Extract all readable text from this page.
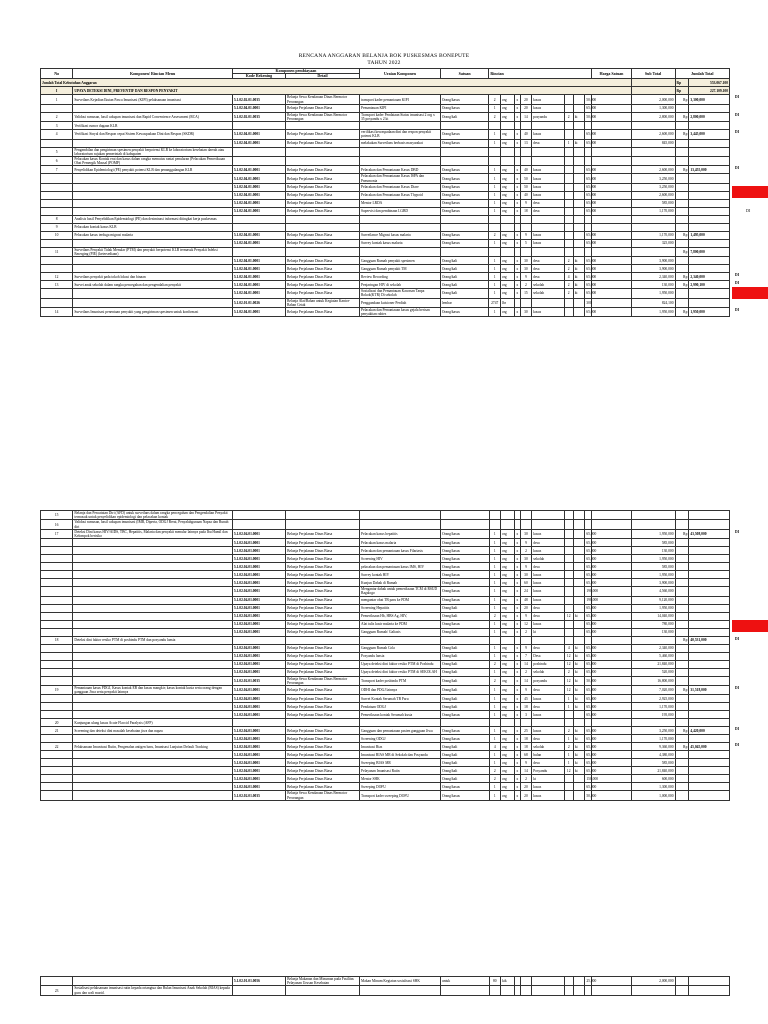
RENCANA ANGGARAN BELANJA BOK PUSKESMAS BONEPUTE
TAHUN 2022
No	Komponen/ Rincian Menu	Komponen pembiayaan		Uraian Komponen	Satuan	Rincian								Harga Satuan	Sub Total	Jumlah Total	
		Kode Rekening	Detail														
Jumlah Total Kebutuhan Anggaran																Rp	553.067.100
I	UPAYA DETEKSI DINI, PREVENTIF DAN RESPON PENYAKIT															Rp	227.109.100
1	Surveilans Kejadian Ikutan Pasca Imunisasi (KIPI) pelaksanaan imunisasi	5.1.02.02.01.0035	Belanja Sewa Kendaraan Dinas Bermotor Perorangan	transport kader pemantauan KIPI	Orang/kasus	2	org	x	20	kasus			50,000		2,000,000	Rp	3,300,000
DI

		5.1.02.04.01.0001	Belanja Perjalanan Dinas Biasa	Pemantauan KIPI	Orang/kasus	1	org	x	20	kasus			65,000		1,300,000		
2	Validasi rumusan, hasil cakupan imunisasi dan Rapid Convenience Assessment (RCA)	5.1.02.02.01.0035	Belanja Sewa Kendaraan Dinas Bermotor Perorangan	Transport kader Pendataan Status imunisasi 2 org x 35 posyandu x 2 kt	Orang/kali	2	org	x	14	posyandu	2	kt	50,000		2,800,000	Rp	2,800,000
DI

3	Verifikasi rumor dugaan KLB																
4	Verifikasi Sinyal dan Respon cepat Sistem Kewaspadaan Dini dan Respon (SKDR)	5.1.02.04.01.0001	Belanja Perjalanan Dinas Biasa	verifikasi kewaspadaan dini dan respon penyakit potensi KLB	Orang/kasus	1	org	x	40	kasus			65,000		2,600,000	Rp	3,445,000
DI

		5.1.02.04.01.0001	Belanja Perjalanan Dinas Biasa	melakukan Surveilans berbasis masyarakat	Orang/kasus	1	org	x	13	desa	1	kt	65,000		845,000		
5	Pengambilan dan pengiriman spesimen penyakit berpotensi KLB ke laboratorium kesehatan daerah atau laboratorium rujukan pemerintah di kabupaten																
6	Pelacakan kasus Kontak erat dan kasus dalam rangka memutus rantai penularan (Pelacakan Pemeriksaan Obat Pemergik Massal (POMP)																
7	Penyelidikan Epidemiologi (PE) penyakit potensi KLB dan penanggulangan KLB	5.1.02.04.01.0001	Belanja Perjalanan Dinas Biasa	Pelacakan dan Pemantauan Kasus DBD	Orang/kasus	1	org	x	40	kasus			65,000		2,600,000	Rp	13,455,000 DI

		5.1.02.04.01.0001	Belanja Perjalanan Dinas Biasa	Pelacakan dan Pemantauan Kasus ISPA dan Pneumonia	Orang/kasus	1	org	x	50	kasus			65,000		3,250,000		
		5.1.02.04.01.0001	Belanja Perjalanan Dinas Biasa	Pelacakan dan Pemantauan Kasus Diare	Orang/kasus	1	org	x	50	kasus			65,000		3,250,000		
		5.1.02.04.01.0001	Belanja Perjalanan Dinas Biasa	Pelacakan dan Pemantauan Kasus Thypoid	Orang/kasus	1	org	x	40	kasus			65,000		2,600,000		
		5.1.02.04.01.0001	Belanja Perjalanan Dinas Biasa	Mentor LRDA	Orang/kasus	1	org	x	9	desa			65,000		585,000		
		5.1.02.04.01.0001	Belanja Perjalanan Dinas Biasa	Supervisi dan pembinaan LGBD	Orang/kasus	1	org	x	18	desa			65,000		1,170,000		
8	Analisis hasil Penyelidikan Epidemiologi (PE) dan desiminasi informasi ditingkat kerja puskesmas																
9	Pelacakan kontak kasus KLB																
10	Pelacakan kasus terduga migrasi malaria	5.1.02.04.01.0001	Belanja Perjalanan Dinas Biasa	Surveilance Migrasi kasus malaria	Orang/kasus	2	org	x	9	kasus			65,000		1,170,000	Rp	1,495,000
		5.1.02.04.01.0001	Belanja Perjalanan Dinas Biasa	Survey kontak kasus malaria	Orang/kasus	1	org	x	5	kasus			65,000		325,000		
11	Surveilans Penyakit Tidak Menular (PTM) dan penyakit berpotensi KLB termasuk Penyakit Infeksi Emerging (PIE) (ketersediaan)															Rp	7,800,000
		5.1.02.04.01.0001	Belanja Perjalanan Dinas Biasa	Gangguan Rumah penyakit spesimen	Orang/kali	1	org	x	30	desa	2	kt	65,000		3,900,000		
		5.1.02.04.01.0001	Belanja Perjalanan Dinas Biasa	Gangguan Rumah penyakit TM	Orang/kali	1	org	x	30	desa	2	kt	65,000		3,900,000		
12	Surveilans penyakit pada tokoh lokasi dan binaan	5.1.02.04.01.0001	Belanja Perjalanan Dinas Biasa	Review Recording	Orang/kali	1	org	x	9	desa	4	kt	65,000		2,340,000	Rp	2,340,000 DI

13	Survei anak sekolah dalam rangka pencegahan dan pengendalian penyakit	5.1.02.04.01.0001	Belanja Perjalanan Dinas Biasa	Penjaringan HIV di sekolah	Orang/kali	1	org	x	2	sekolah	2	kt	65,000		130,000	Rp	2,990,100 DI

		5.1.02.04.01.0001	Belanja Perjalanan Dinas Biasa	Sosialisasi dan Pemantauan Kawasan Tanpa Rokok(KTR) Di sekolah	Orang/kali	1	org	x	15	sekolah	2	kt	65,000		1,950,000		
		5.1.02.01.01.0026	Belanja Alat/Bahan untuk Kegiatan Kantor- Bahan Cetak	Penggandaan kuisioner Perdiah	lembar	2747	lbr						300		824,100		
14	Surveilans Imunisasi penentuan penyakit yang pengiriman spesimen untuk konfirmasi	5.1.02.04.01.0001	Belanja Perjalanan Dinas Biasa	Pelacakan dan Pemantauan kasus gejala berisan penyakitan rabies	Orang/kasus	1	org	x	30	kasus			65,000		1,950,000	Rp	1,950,000
DI
15	Belanja dan Pencatatan Diri (AFD) untuk surveilans dalam rangka pencegahan dan Pengendalian Penyakit termasuk untuk penyelidikan epidemiologi dan pelacakan kontak																
16	Validasi rumusan, hasil cakupan imunisasi (IMR, Diperta, ODGJ Berat, Penyalahgunaan Napza dan Bunuh diri																
17	Deteksi Dini kasus HIV/AIDS, TBC, Hepatitis, Malaria dan penyakit menular lainnya pada Ibu Hamil dan Kelompok berisiko	5.1.02.04.01.0001	Belanja Perjalanan Dinas Biasa	Pelacakan kasus hepatitis	Orang/kasus	1	org	x	30	kasus			65,000		1,950,000	Rp	43,508,000
DI

		5.1.02.04.01.0001	Belanja Perjalanan Dinas Biasa	Pelacakan kasus malaria	Orang/kasus	1	org	x	9	desa			65,000		585,000		
		5.1.02.04.01.0001	Belanja Perjalanan Dinas Biasa	Pelacakan dan pemantauan kasus Filariasis	Orang/kasus	1	org	x	2	kasus			65,000		130,000		
		5.1.02.04.01.0001	Belanja Perjalanan Dinas Biasa	Screening HIV	Orang/kasus	1	org	x	30	sekolah			65,000		1,950,000		
		5.1.02.04.01.0001	Belanja Perjalanan Dinas Biasa	pelacakan dan pemantauan kasus IMS, HIV	Orang/kasus	1	org	x	9	desa			65,000		585,000		
		5.1.02.04.01.0001	Belanja Perjalanan Dinas Biasa	Survey kontak HIV	Orang/kasus	1	org	x	30	kasus			65,000		1,950,000		
		5.1.02.04.01.0001	Belanja Perjalanan Dinas Biasa	Kunjun Dahak di Rumah	Orang/kasus	1	org	x	60	kasus			65,000		3,900,000		
		5.1.02.04.01.0001	Belanja Perjalanan Dinas Biasa	Mengantar dahak untuk pemeriksaan TCM di RSUD Bagalogo	Orang/kasus	1	org	x	24	kasus			190,000		4,560,000		
		5.1.02.04.01.0001	Belanja Perjalanan Dinas Biasa	mengantar obat TB paru ke PDM	Orang/kasus	1	org	x	48	kasus			190,000		9,120,000		
		5.1.02.04.01.0001	Belanja Perjalanan Dinas Biasa	Screening Hepatitis	Orang/kali	1	org	x	20	desa			65,000		1,950,000		
		5.1.02.04.01.0001	Belanja Perjalanan Dinas Biasa	Pemeriksaan Hb, HBS Ag, HIV,	Orang/kali	2	org	x	9	desa	12	kt	65,000		14,040,000		
		5.1.02.04.01.0001	Belanja Perjalanan Dinas Biasa	Alat tulis kasir malaria ke PDM	Orang/kasus	1	org	x	12	kasus			65,000		780,000		
		5.1.02.04.01.0001	Belanja Perjalanan Dinas Biasa	Gangguan Rumah/ Galiasis	Orang/kali	1	org	x	2	kt			65,000		130,000		
18	Deteksi dini faktor resiko PTM di posbindu PTM dan posyandu lansia															Rp	40,531,000 DI

		5.1.02.04.01.0001	Belanja Perjalanan Dinas Biasa	Gangguan Rumah Cola	Orang/kali	1	org	x	9	desa	4	kt	65,000		2,340,000		
		5.1.02.04.01.0001	Belanja Perjalanan Dinas Biasa	Posyandu lansia	Orang/kali	1	org	x	7	Desa	12	kt	65,000		5,460,000		
		5.1.02.04.01.0001	Belanja Perjalanan Dinas Biasa	Upaya deteksi dini faktor resiko PTM di Posbindu	Orang/kali	2	org	x	14	posbindu	12	kt	65,000		21,840,000		
		5.1.02.04.01.0001	Belanja Perjalanan Dinas Biasa	Upaya deteksi dini faktor resiko PTM di SEKOLAH	Orang/kali	1	org	x	2	sekolah	2	kt	65,000		520,000		
		5.1.02.02.01.0035	Belanja Sewa Kendaraan Dinas Bermotor Perorangan	Transport kader posbindu PTM	Orang/kali	2	org	x	14	posyandu	12	kt	50,000		16,800,000		
19	Pemantauan kasus PDGJ, Kasus kontak EB dan kasus mangkir; kasus kontak kusta serta orang dengan gangguan Jiwa serta penyakit lainnya	5.1.02.04.01.0001	Belanja Perjalanan Dinas Biasa	ODHI dan PDGJ lainnya	Orang/kali	1	org	x	9	desa	12	kt	65,000		7,020,000	Rp	31,518,000
DI

		5.1.02.04.01.0001	Belanja Perjalanan Dinas Biasa	Survei Kontak Serumah TB Paru	Orang/kali	1	org	x	45	kasus	1	kt	65,000		2,925,000		
		5.1.02.04.01.0001	Belanja Perjalanan Dinas Biasa	Pendataan ODGJ	Orang/kali	1	org	x	18	desa	1	kt	65,000		1,170,000		
		5.1.02.04.01.0001	Belanja Perjalanan Dinas Biasa	Pemeriksaan kontak Serumah kusta	Orang/kasus	1	org	x	3	kasus			65,000		195,000		
20	Kunjungan ulang kasus Acute Flaccid Paralysis (AFP)																
21	Screening dan deteksi dini masalah kesehatan jiwa dan napza	5.1.02.04.01.0001	Belanja Perjalanan Dinas Biasa	Gangguan dan pemantauan pasien gangguan Jiwa	Orang/kasus	1	org	x	25	kasus	2	kt	65,000		3,250,000	Rp	4,420,000 DI

		5.1.02.04.01.0001	Belanja Perjalanan Dinas Biasa	Screening ODGJ	Orang/kasus	1	org	x	18	desa	1	kt	65,000		1,170,000		
22	Pelaksanaan Imunisasi Rutin, Pengenalan antigen baru, Imunisasi Lanjutan Default Tracking	5.1.02.04.01.0001	Belanja Perjalanan Dinas Biasa	Imunisasi Bias	Orang/kali	4	org	x	18	sekolah	2	kt	65,000		9,360,000	Rp	45,045,000 DI

		5.1.02.04.01.0001	Belanja Perjalanan Dinas Biasa	Imunisasi BIAS MR di Sekolah dan Posyandu	Orang/kali	1	org	x	68	bulan	1	kt	65,000		4,380,000		
		5.1.02.04.01.0001	Belanja Perjalanan Dinas Biasa	Sweeping BIAS MR	Orang/kali	1	org	x	9	desa	1	kt	65,000		585,000		
		5.1.02.04.01.0001	Belanja Perjalanan Dinas Biasa	Pelayanan Imunisasi Rutin	Orang/kali	2	org	x	14	Posyandu	12	kt	65,000		21,840,000		
		5.1.02.04.01.0001	Belanja Perjalanan Dinas Biasa	Mentor SHK	Orang/kali	2	org	x	2	kt			150,000		600,000		
		5.1.02.04.01.0001	Belanja Perjalanan Dinas Biasa	Sweeping DOFU	Orang/kasus	1	org	x	20	kasus			65,000		1,300,000		
		5.1.02.02.01.0035	Belanja Sewa Kendaraan Dinas Bermotor Perorangan	Transport kader sweeping DOFU	Orang/kasus	1	org	x	20	kasus			50,000		1,000,000		
		5.1.02.01.01.0056	Belanja Makanan dan Minuman pada Fasilitas Pelayanan Urusan Kesehatan	Makan Minum Kegiatan sosialisasi SHK	untuk	80	kik						25,000		2,000,000		
23	Sosialisasi pelaksanaan imunisasi rutin kepada ortangtua dan Bulan Imunisasi Anak Sekolah (BIAS) kepada guru dan wali murid.																
DI
